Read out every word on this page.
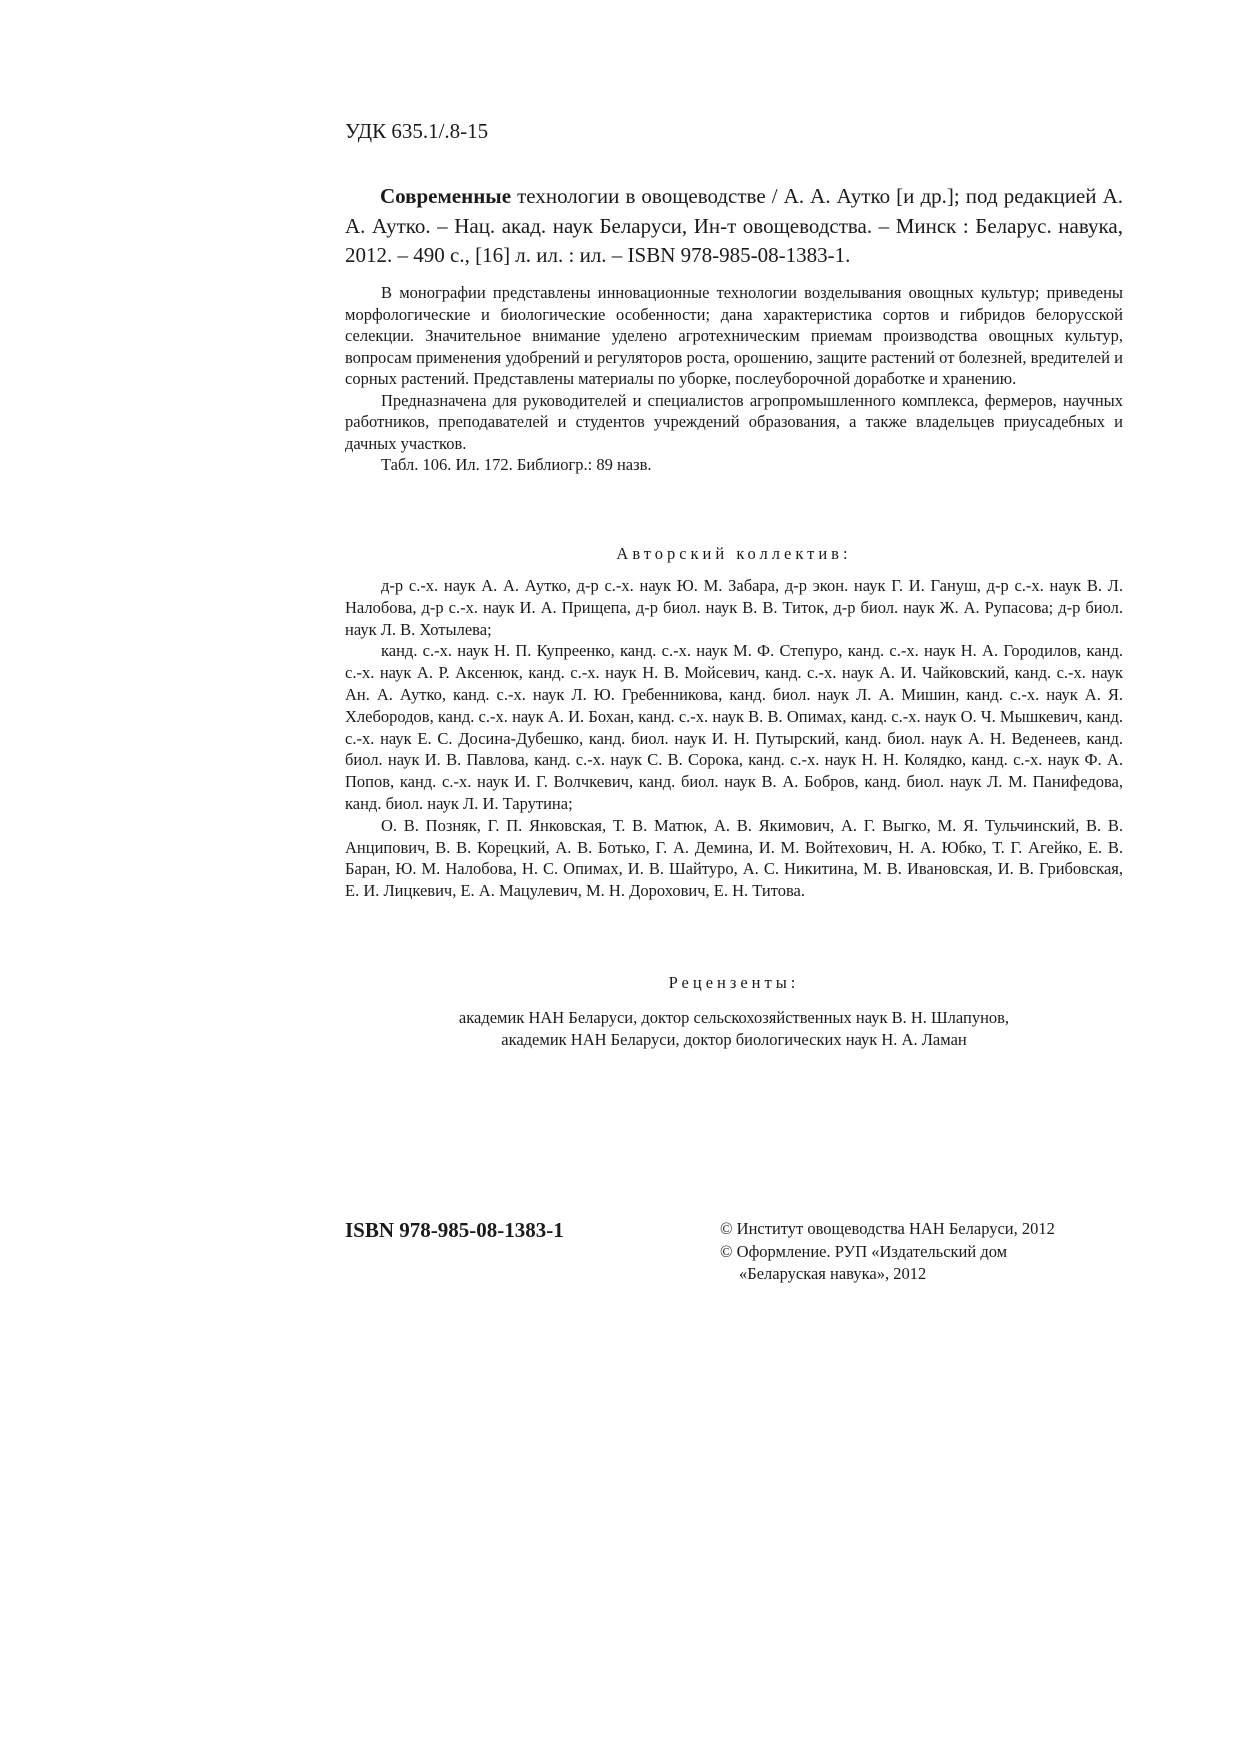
УДК 635.1/.8-15

Современные технологии в овощеводстве / А. А. Аутко [и др.]; под редакцией А. А. Аутко. – Нац. акад. наук Беларуси, Ин-т овощеводства. – Минск : Беларус. навука, 2012. – 490 с., [16] л. ил. : ил. – ISBN 978-985-08-1383-1.

В монографии представлены инновационные технологии возделывания овощных культур; приведены морфологические и биологические особенности; дана характеристика сортов и гибридов белорусской селекции. Значительное внимание уделено агротехническим приемам производства овощных культур, вопросам применения удобрений и регуляторов роста, орошению, защите растений от болезней, вредителей и сорных растений. Представлены материалы по уборке, послеуборочной доработке и хранению.

Предназначена для руководителей и специалистов агропромышленного комплекса, фермеров, научных работников, преподавателей и студентов учреждений образования, а также владельцев приусадебных и дачных участков.

Табл. 106. Ил. 172. Библиогр.: 89 назв.

Авторский коллектив:

д-р с.-х. наук А. А. Аутко, д-р с.-х. наук Ю. М. Забара, д-р экон. наук Г. И. Гануш, д-р с.-х. наук В. Л. Налобова, д-р с.-х. наук И. А. Прищепа, д-р биол. наук В. В. Титок, д-р биол. наук Ж. А. Рупасова; д-р биол. наук Л. В. Хотылева;

канд. с.-х. наук Н. П. Купреенко, канд. с.-х. наук М. Ф. Степуро, канд. с.-х. наук Н. А. Городилов, канд. с.-х. наук А. Р. Аксенюк, канд. с.-х. наук Н. В. Мойсевич, канд. с.-х. наук А. И. Чайковский, канд. с.-х. наук Ан. А. Аутко, канд. с.-х. наук Л. Ю. Гребенникова, канд. биол. наук Л. А. Мишин, канд. с.-х. наук А. Я. Хлебородов, канд. с.-х. наук А. И. Бохан, канд. с.-х. наук В. В. Опимах, канд. с.-х. наук О. Ч. Мышкевич, канд. с.-х. наук Е. С. Досина-Дубешко, канд. биол. наук И. Н. Путырский, канд. биол. наук А. Н. Веденеев, канд. биол. наук И. В. Павлова, канд. с.-х. наук С. В. Сорока, канд. с.-х. наук Н. Н. Колядко, канд. с.-х. наук Ф. А. Попов, канд. с.-х. наук И. Г. Волчкевич, канд. биол. наук В. А. Бобров, канд. биол. наук Л. М. Панифедова, канд. биол. наук Л. И. Тарутина;

О. В. Позняк, Г. П. Янковская, Т. В. Матюк, А. В. Якимович, А. Г. Выгко, М. Я. Тульчинский, В. В. Анципович, В. В. Корецкий, А. В. Ботько, Г. А. Демина, И. М. Войтехович, Н. А. Юбко, Т. Г. Агейко, Е. В. Баран, Ю. М. Налобова, Н. С. Опимах, И. В. Шайтуро, А. С. Никитина, М. В. Ивановская, И. В. Грибовская, Е. И. Лицкевич, Е. А. Мацулевич, М. Н. Дорохович, Е. Н. Титова.

Рецензенты:
академик НАН Беларуси, доктор сельскохозяйственных наук В. Н. Шлапунов,
академик НАН Беларуси, доктор биологических наук Н. А. Ламан
ISBN 978-985-08-1383-1	© Институт овощеводства НАН Беларуси, 2012
© Оформление. РУП «Издательский дом
«Беларуская навука», 2012
